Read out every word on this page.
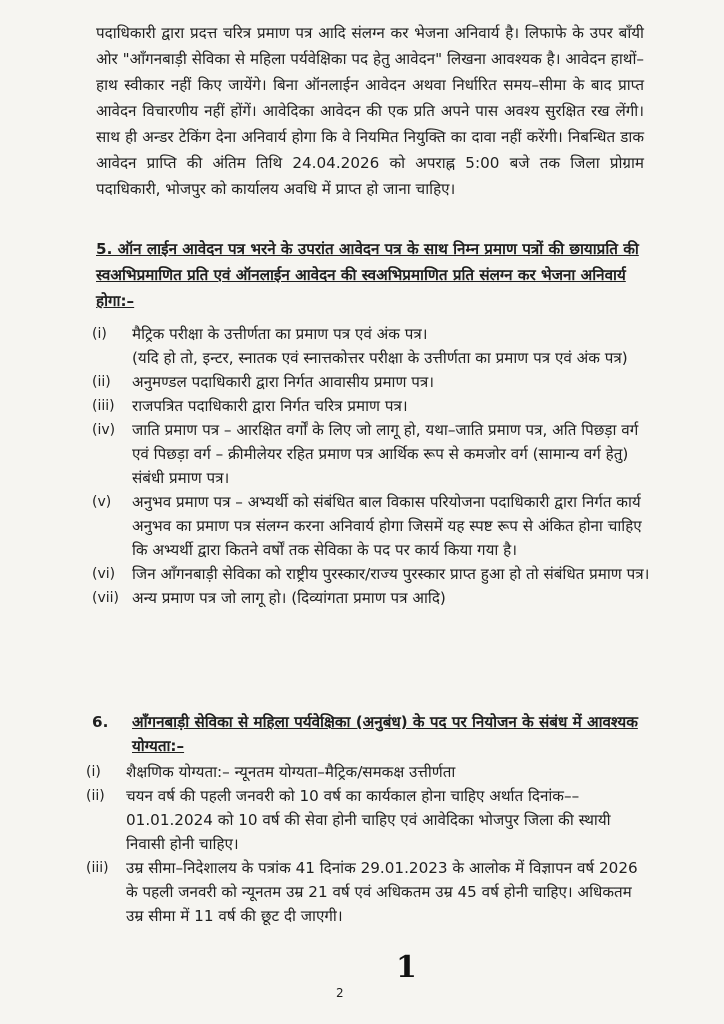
पदाधिकारी द्वारा प्रदत्त चरित्र प्रमाण पत्र आदि संलग्न कर भेजना अनिवार्य है। लिफाफे के उपर बॉंयी ओर "ऑंगनबाड़ी सेविका से महिला पर्यवेक्षिका पद हेतु आवेदन" लिखना आवश्यक है। आवेदन हाथों–हाथ स्वीकार नहीं किए जायेंगे। बिना ऑनलाईन आवेदन अथवा निर्धारित समय–सीमा के बाद प्राप्त आवेदन विचारणीय नहीं होंगें। आवेदिका आवेदन की एक प्रति अपने पास अवश्य सुरक्षित रख लेंगी। साथ ही अन्डर टेकिंग देना अनिवार्य होगा कि वे नियमित नियुक्ति का दावा नहीं करेंगी। निबन्धित डाक आवेदन प्राप्ति की अंतिम तिथि 24.04.2026 को अपराह्न 5:00 बजे तक जिला प्रोग्राम पदाधिकारी, भोजपुर को कार्यालय अवधि में प्राप्त हो जाना चाहिए।

5. ऑन लाईन आवेदन पत्र भरने के उपरांत आवेदन पत्र के साथ निम्न प्रमाण पत्रों की छायाप्रति की स्वअभिप्रमाणित प्रति एवं ऑनलाईन आवेदन की स्वअभिप्रमाणित प्रति संलग्न कर भेजना अनिवार्य होगा:–

(i) मैट्रिक परीक्षा के उत्तीर्णता का प्रमाण पत्र एवं अंक पत्र।
(यदि हो तो, इन्टर, स्नातक एवं स्नात्तकोत्तर परीक्षा के उत्तीर्णता का प्रमाण पत्र एवं अंक पत्र)
(ii) अनुमण्डल पदाधिकारी द्वारा निर्गत आवासीय प्रमाण पत्र।
(iii) राजपत्रित पदाधिकारी द्वारा निर्गत चरित्र प्रमाण पत्र।
(iv) जाति प्रमाण पत्र – आरक्षित वर्गों के लिए जो लागू हो, यथा–जाति प्रमाण पत्र, अति पिछड़ा वर्ग एवं पिछड़ा वर्ग – क्रीमीलेयर रहित प्रमाण पत्र आर्थिक रूप से कमजोर वर्ग (सामान्य वर्ग हेतु) संबंधी प्रमाण पत्र।
(v) अनुभव प्रमाण पत्र – अभ्यर्थी को संबंधित बाल विकास परियोजना पदाधिकारी द्वारा निर्गत कार्य अनुभव का प्रमाण पत्र संलग्न करना अनिवार्य होगा जिसमें यह स्पष्ट रूप से अंकित होना चाहिए कि अभ्यर्थी द्वारा कितने वर्षों तक सेविका के पद पर कार्य किया गया है।
(vi) जिन ऑंगनबाड़ी सेविका को राष्ट्रीय पुरस्कार/राज्य पुरस्कार प्राप्त हुआ हो तो संबंधित प्रमाण पत्र।
(vii) अन्य प्रमाण पत्र जो लागू हो। (दिव्यांगता प्रमाण पत्र आदि)
6. ऑंगनबाड़ी सेविका से महिला पर्यवेक्षिका (अनुबंध) के पद पर नियोजन के संबंध में आवश्यक योग्यता:–
(i) शैक्षणिक योग्यता:– न्यूनतम योग्यता–मैट्रिक/समकक्ष उत्तीर्णता
(ii) चयन वर्ष की पहली जनवरी को 10 वर्ष का कार्यकाल होना चाहिए अर्थात दिनांक––01.01.2024 को 10 वर्ष की सेवा होनी चाहिए एवं आवेदिका भोजपुर जिला की स्थायी निवासी होनी चाहिए।
(iii) उम्र सीमा–निदेशालय के पत्रांक 41 दिनांक 29.01.2023 के आलोक में विज्ञापन वर्ष 2026 के पहली जनवरी को न्यूनतम उम्र 21 वर्ष एवं अधिकतम उम्र 45 वर्ष होनी चाहिए। अधिकतम उम्र सीमा में 11 वर्ष की छूट दी जाएगी।
1
2
